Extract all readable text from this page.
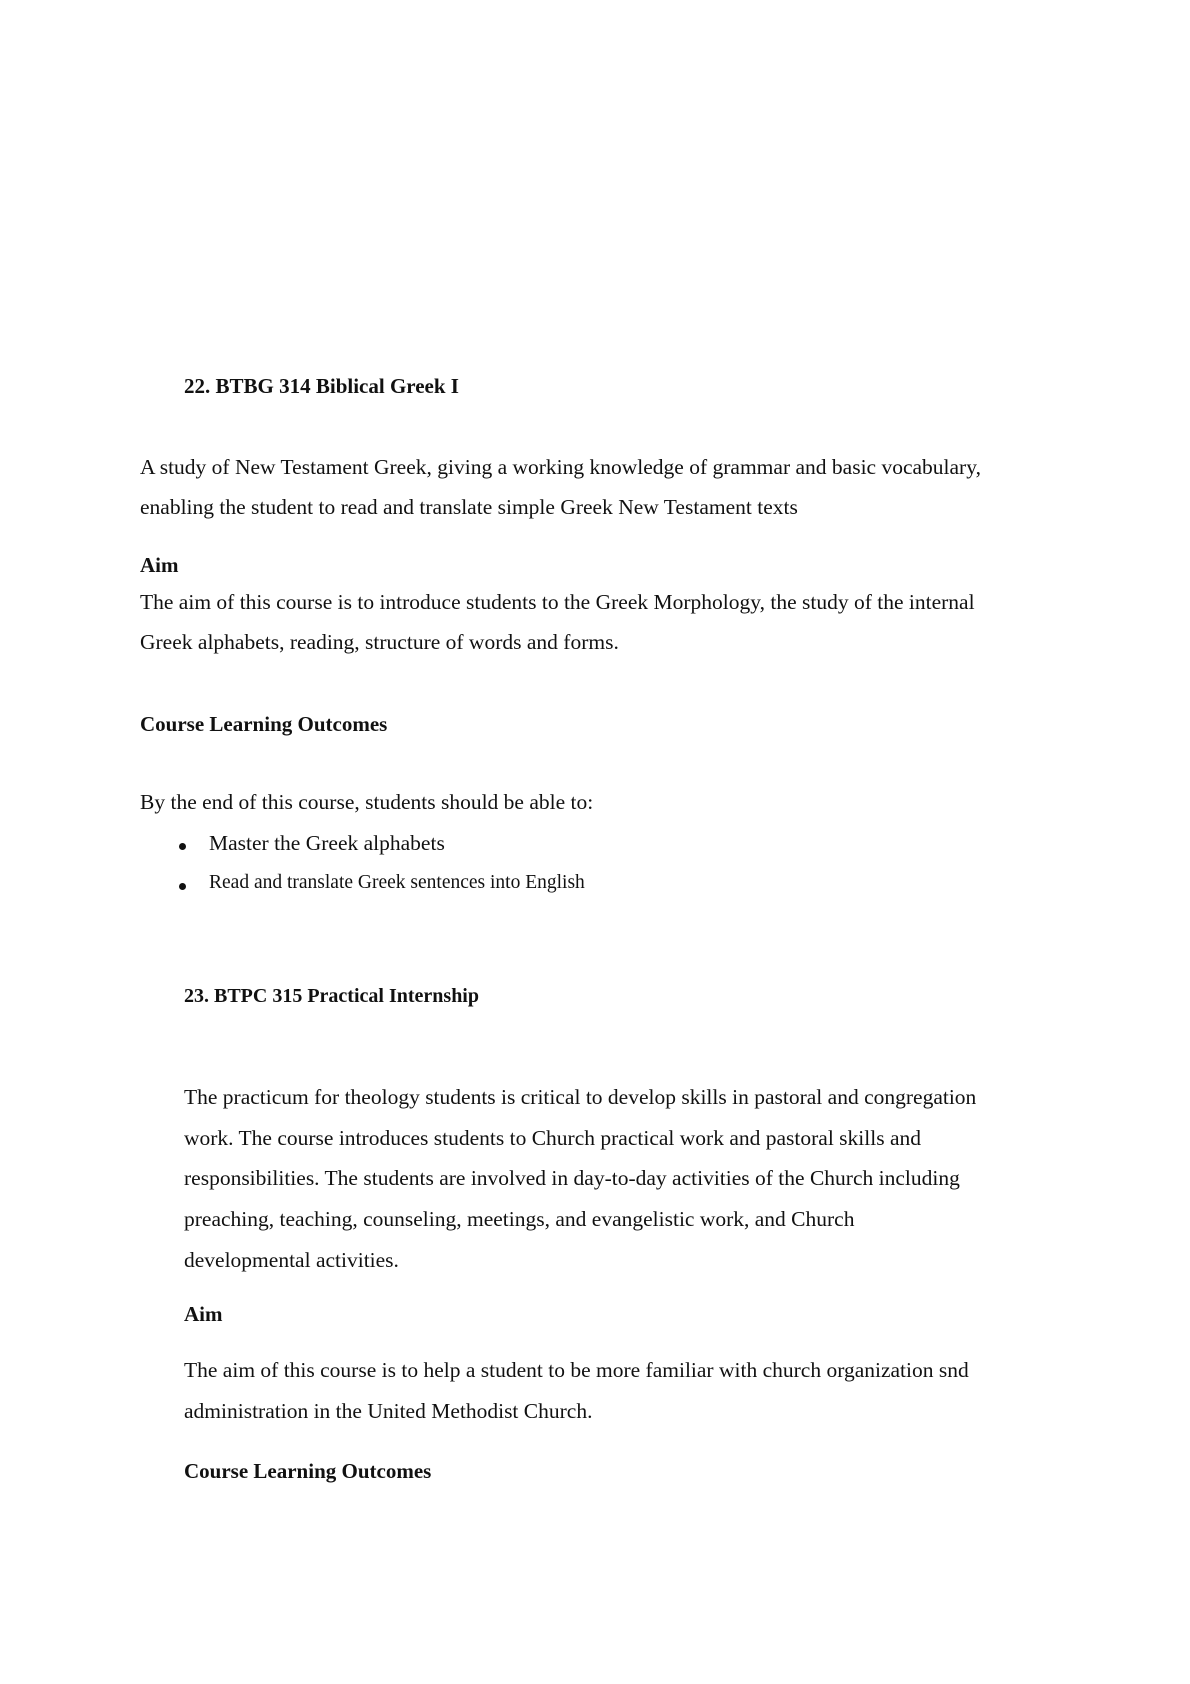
22. BTBG 314 Biblical Greek I

A study of New Testament Greek, giving a working knowledge of grammar and basic vocabulary,

enabling the student to read and translate simple Greek New Testament texts

Aim

The aim of this course is to introduce students to the Greek Morphology, the study of the internal

Greek alphabets, reading, structure of words and forms.

Course Learning Outcomes

By the end of this course, students should be able to:

Master the Greek alphabets

Read and translate Greek sentences into English

23. BTPC 315 Practical Internship

The practicum for theology students is critical to develop skills in pastoral and congregation

work. The course introduces students to Church practical work and pastoral skills and

responsibilities. The students are involved in day-to-day activities of the Church including

preaching, teaching, counseling, meetings, and evangelistic work, and Church

developmental activities.

Aim

The aim of this course is to help a student to be more familiar with church organization snd

administration in the United Methodist Church.

Course Learning Outcomes
